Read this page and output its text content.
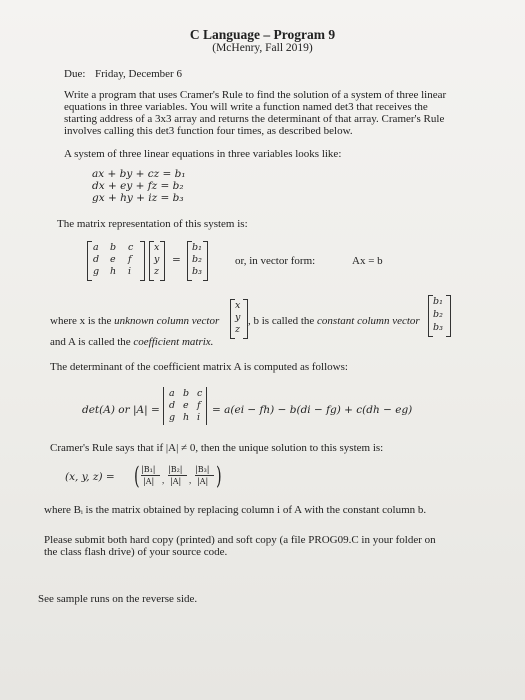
C Language – Program 9
(McHenry, Fall 2019)
Due: Friday, December 6
Write a program that uses Cramer's Rule to find the solution of a system of three linear
equations in three variables. You will write a function named det3 that receives the
starting address of a 3x3 array and returns the determinant of that array. Cramer's Rule
involves calling this det3 function four times, as described below.
A system of three linear equations in three variables looks like:
ax + by + cz = b₁
dx + ey + fz = b₂
gx + hy + iz = b₃
The matrix representation of this system is:
a b c
d e f
g h i
x
y
z
=
b₁
b₂
b₃
or, in vector form:	Ax = b
where x is the unknown column vector
x
y
z
, b is called the constant column vector
b₁
b₂
b₃
and A is called the coefficient matrix.
The determinant of the coefficient matrix A is computed as follows:
det(A) or |A| =
a b c
d e f
g h i
= a(ei − fh) − b(di − fg) + c(dh − eg)
Cramer's Rule says that if |A| ≠ 0, then the unique solution to this system is:
(x, y, z) = ( |B₁|
|A| ,
|B₂|
|A| ,
|B₃|
|A| )
where Bᵢ is the matrix obtained by replacing column i of A with the constant column b.
Please submit both hard copy (printed) and soft copy (a file PROG09.C in your folder on
the class flash drive) of your source code.
See sample runs on the reverse side.
